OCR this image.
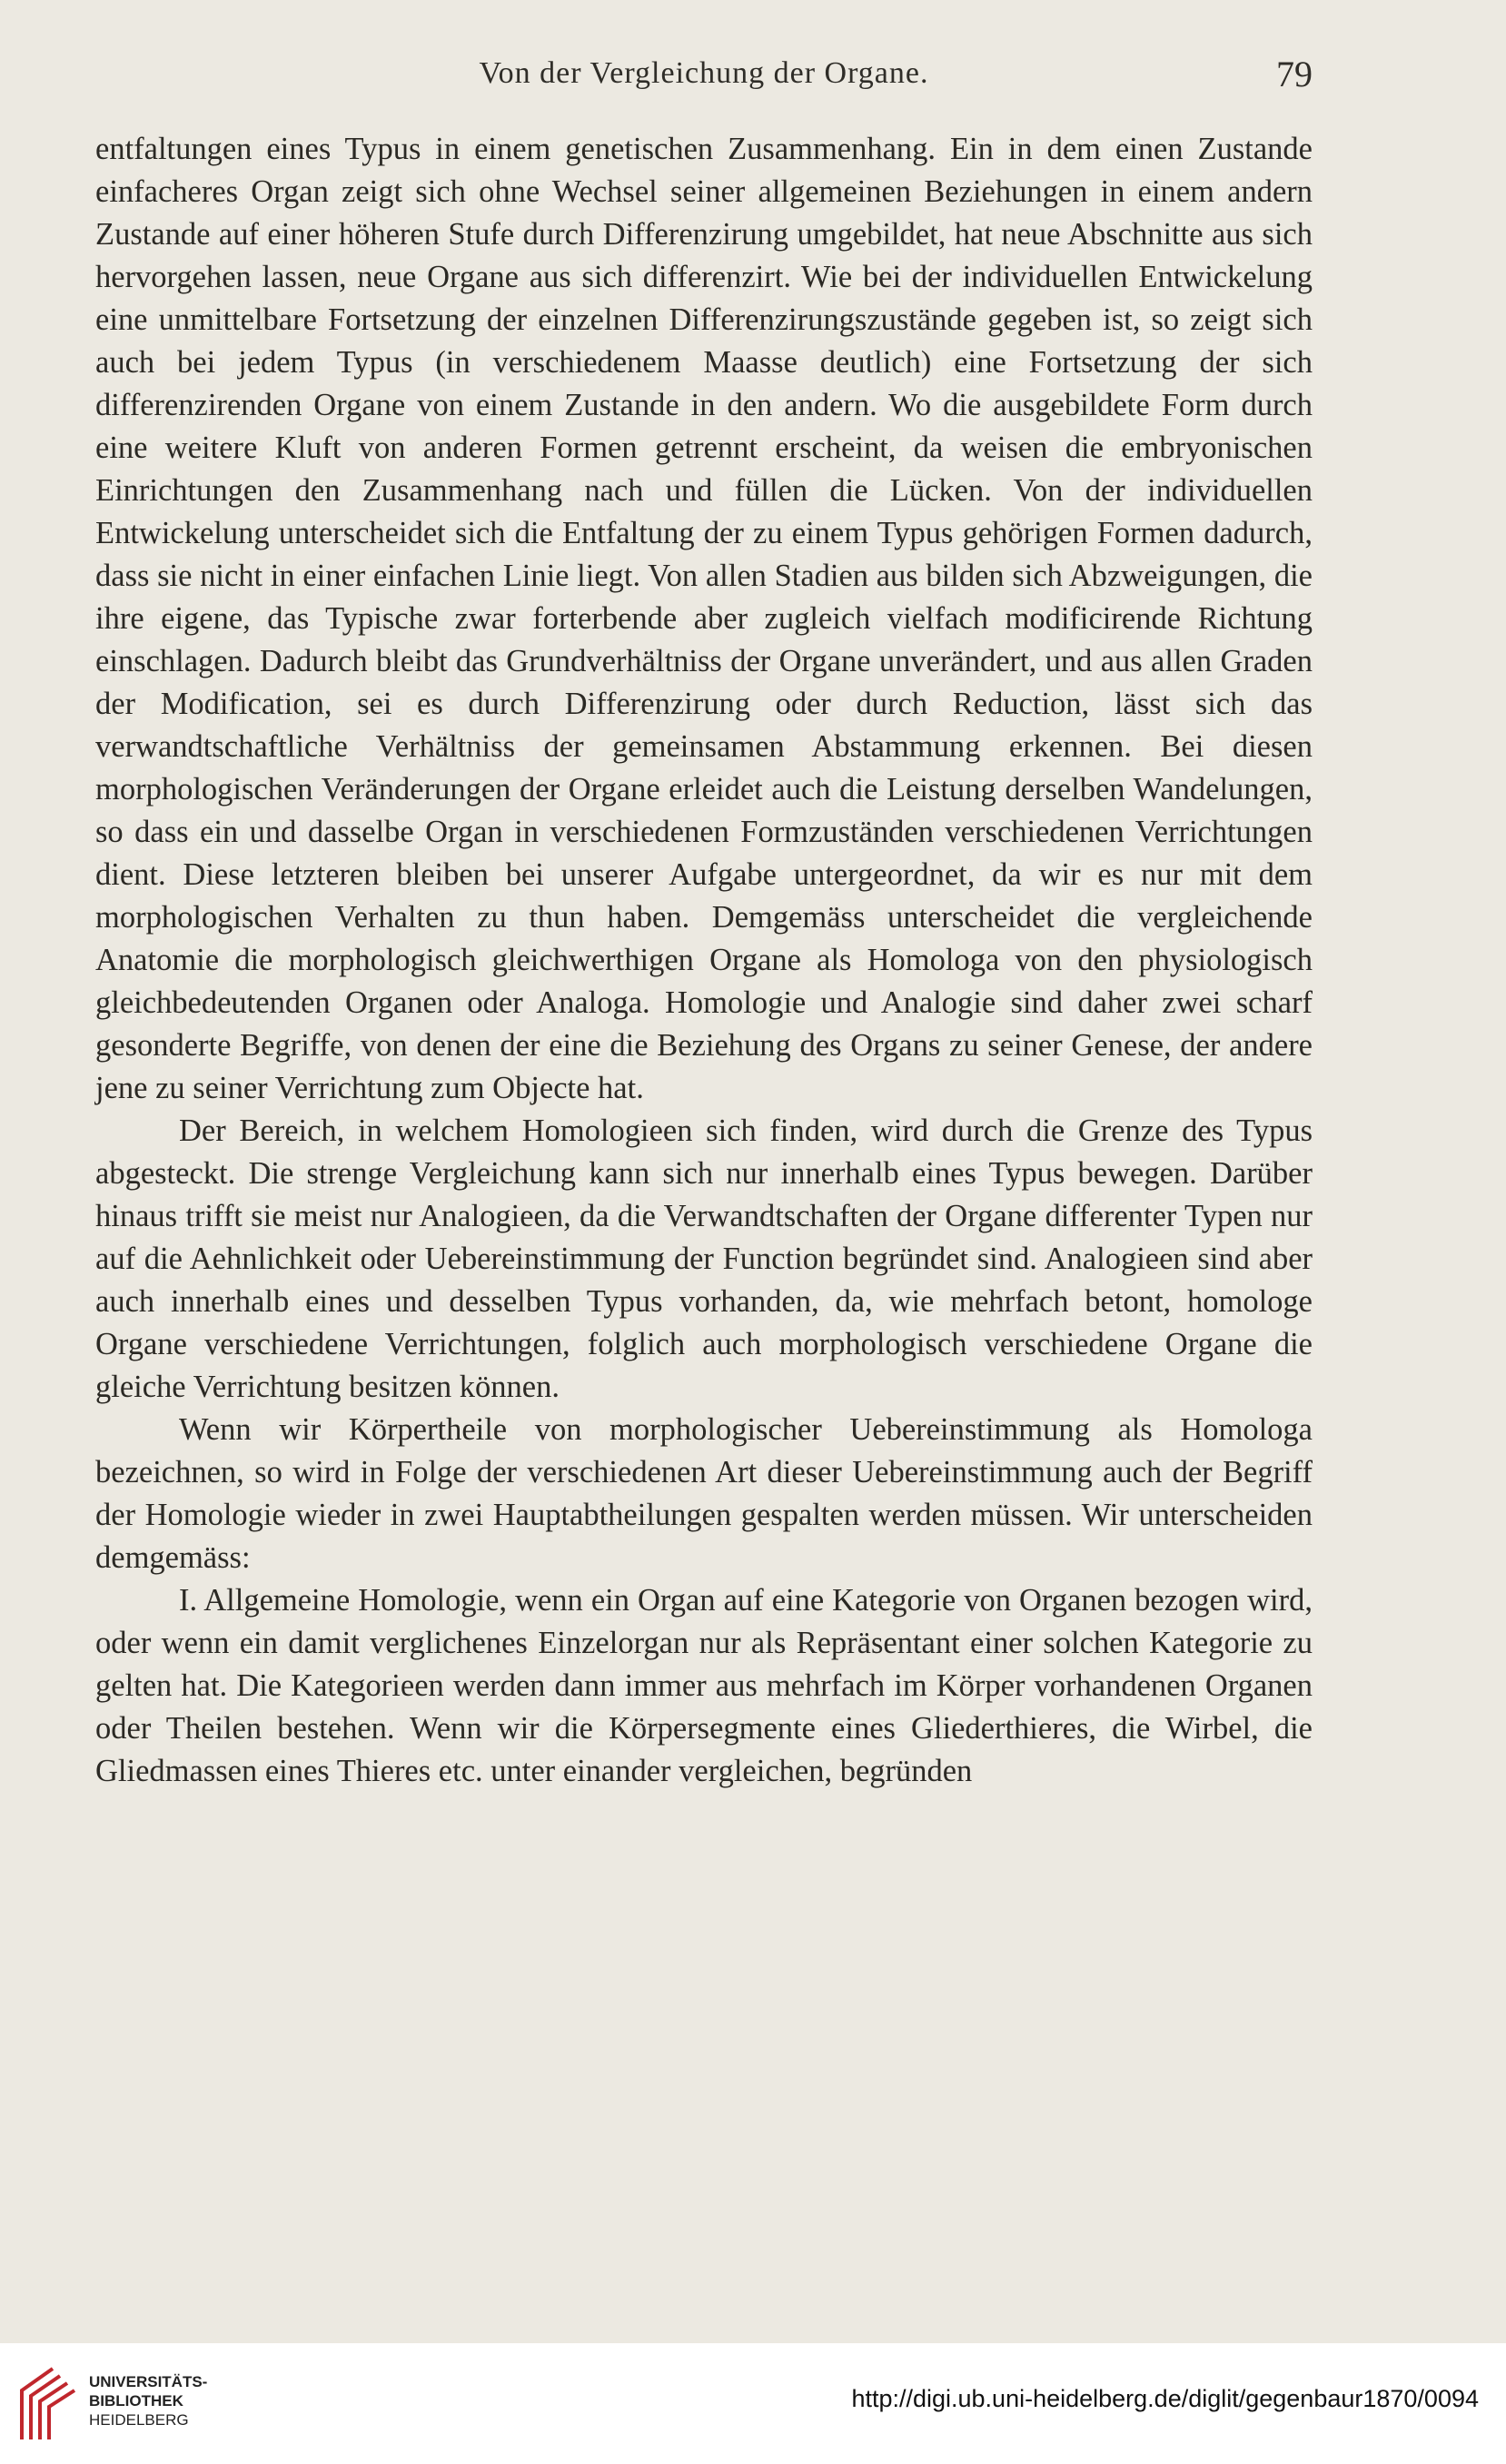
Von der Vergleichung der Organe.	79

entfaltungen eines Typus in einem genetischen Zusammenhang. Ein in dem einen Zustande einfacheres Organ zeigt sich ohne Wechsel seiner allgemeinen Beziehungen in einem andern Zustande auf einer höheren Stufe durch Differenzirung umgebildet, hat neue Abschnitte aus sich hervorgehen lassen, neue Organe aus sich differenzirt. Wie bei der individuellen Entwickelung eine unmittelbare Fortsetzung der einzelnen Differenzirungszustände gegeben ist, so zeigt sich auch bei jedem Typus (in verschiedenem Maasse deutlich) eine Fortsetzung der sich differenzirenden Organe von einem Zustande in den andern. Wo die ausgebildete Form durch eine weitere Kluft von anderen Formen getrennt erscheint, da weisen die embryonischen Einrichtungen den Zusammenhang nach und füllen die Lücken. Von der individuellen Entwickelung unterscheidet sich die Entfaltung der zu einem Typus gehörigen Formen dadurch, dass sie nicht in einer einfachen Linie liegt. Von allen Stadien aus bilden sich Abzweigungen, die ihre eigene, das Typische zwar forterbende aber zugleich vielfach modificirende Richtung einschlagen. Dadurch bleibt das Grundverhältniss der Organe unverändert, und aus allen Graden der Modification, sei es durch Differenzirung oder durch Reduction, lässt sich das verwandtschaftliche Verhältniss der gemeinsamen Abstammung erkennen. Bei diesen morphologischen Veränderungen der Organe erleidet auch die Leistung derselben Wandelungen, so dass ein und dasselbe Organ in verschiedenen Formzuständen verschiedenen Verrichtungen dient. Diese letzteren bleiben bei unserer Aufgabe untergeordnet, da wir es nur mit dem morphologischen Verhalten zu thun haben. Demgemäss unterscheidet die vergleichende Anatomie die morphologisch gleichwerthigen Organe als Homologa von den physiologisch gleichbedeutenden Organen oder Analoga. Homologie und Analogie sind daher zwei scharf gesonderte Begriffe, von denen der eine die Beziehung des Organs zu seiner Genese, der andere jene zu seiner Verrichtung zum Objecte hat.

Der Bereich, in welchem Homologieen sich finden, wird durch die Grenze des Typus abgesteckt. Die strenge Vergleichung kann sich nur innerhalb eines Typus bewegen. Darüber hinaus trifft sie meist nur Analogieen, da die Verwandtschaften der Organe differenter Typen nur auf die Aehnlichkeit oder Uebereinstimmung der Function begründet sind. Analogieen sind aber auch innerhalb eines und desselben Typus vorhanden, da, wie mehrfach betont, homologe Organe verschiedene Verrichtungen, folglich auch morphologisch verschiedene Organe die gleiche Verrichtung besitzen können.

Wenn wir Körpertheile von morphologischer Uebereinstimmung als Homologa bezeichnen, so wird in Folge der verschiedenen Art dieser Uebereinstimmung auch der Begriff der Homologie wieder in zwei Hauptabtheilungen gespalten werden müssen. Wir unterscheiden demgemäss:

I. Allgemeine Homologie, wenn ein Organ auf eine Kategorie von Organen bezogen wird, oder wenn ein damit verglichenes Einzelorgan nur als Repräsentant einer solchen Kategorie zu gelten hat. Die Kategorieen werden dann immer aus mehrfach im Körper vorhandenen Organen oder Theilen bestehen. Wenn wir die Körpersegmente eines Gliederthieres, die Wirbel, die Gliedmassen eines Thieres etc. unter einander vergleichen, begründen

UNIVERSITÄTS-
BIBLIOTHEK
HEIDELBERG
http://digi.ub.uni-heidelberg.de/diglit/gegenbaur1870/0094
